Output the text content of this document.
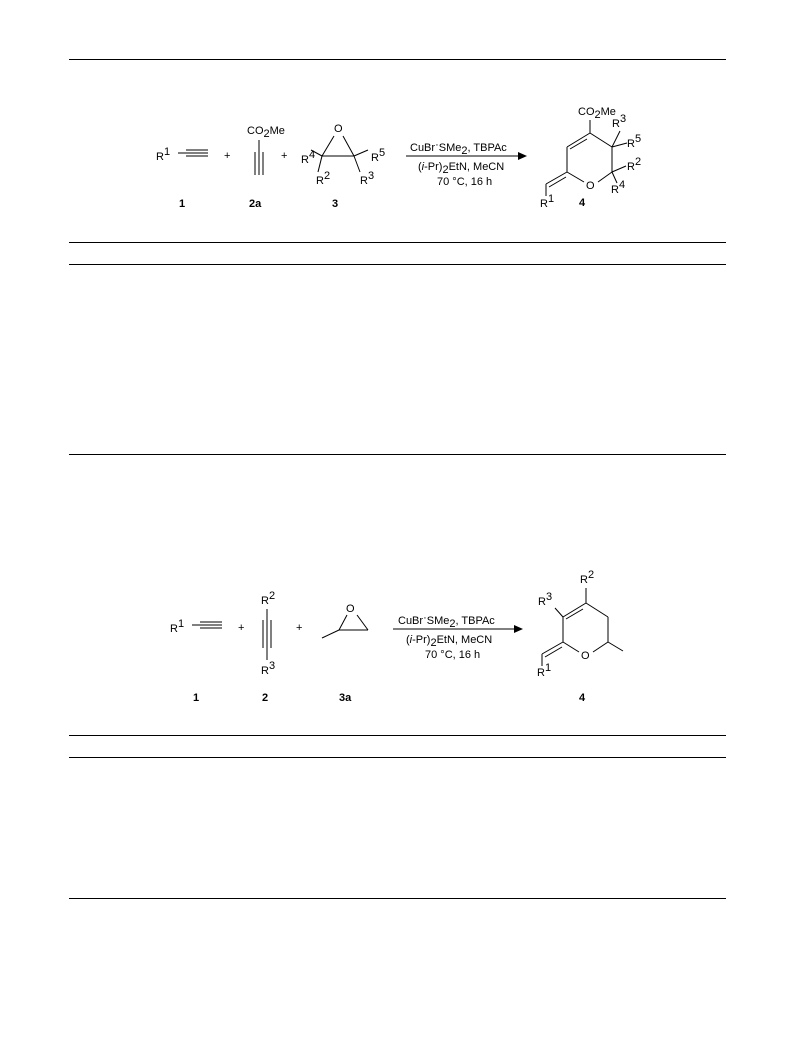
R1
1
+
CO2Me
2a
+
O
R4	R5
R2	R3
3
CuBr·SMe2, TBPAc
(i-Pr)2EtN, MeCN
70 °C, 16 h
CO2Me
O
R3
R5
R2
R4
R1 4
R1
1
+
R2
R3
2
+
O
3a
CuBr·SMe2, TBPAc
(i-Pr)2EtN, MeCN
70 °C, 16 h
R2
R3
O
R1
4
